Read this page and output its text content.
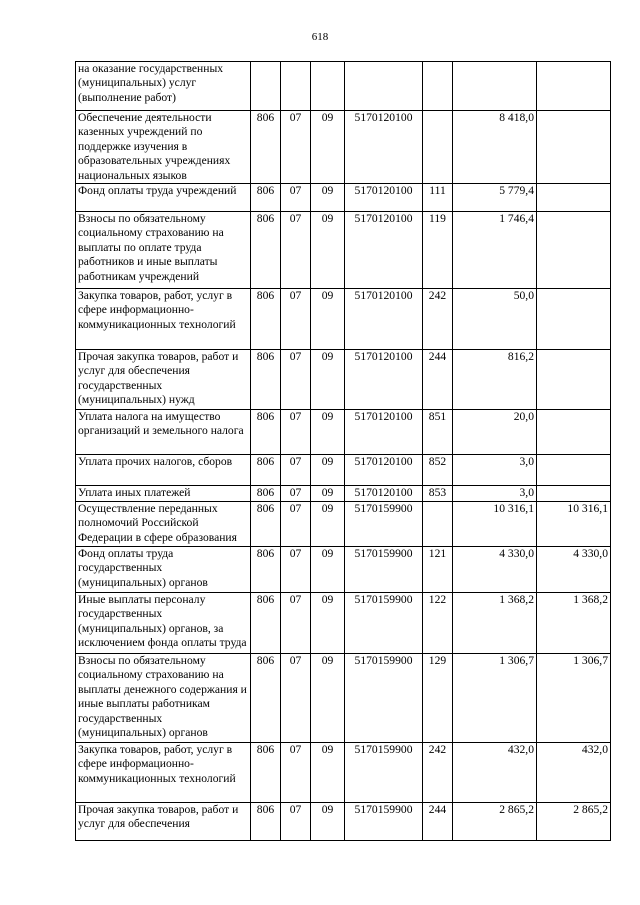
618
на оказание государственных (муниципальных) услуг (выполнение работ)							
Обеспечение деятельности казенных учреждений по поддержке изучения в образовательных учреждениях национальных языков	806	07	09	5170120100		8 418,0	
Фонд оплаты труда учреждений	806	07	09	5170120100	111	5 779,4	
Взносы по обязательному социальному страхованию на выплаты по оплате труда работников и иные выплаты работникам учреждений	806	07	09	5170120100	119	1 746,4	
Закупка товаров, работ, услуг в сфере информационно-коммуникационных технологий	806	07	09	5170120100	242	50,0	
Прочая закупка товаров, работ и услуг для обеспечения государственных (муниципальных) нужд	806	07	09	5170120100	244	816,2	
Уплата налога на имущество организаций и земельного налога	806	07	09	5170120100	851	20,0	
Уплата прочих налогов, сборов	806	07	09	5170120100	852	3,0	
Уплата иных платежей	806	07	09	5170120100	853	3,0	
Осуществление переданных полномочий Российской Федерации в сфере образования	806	07	09	5170159900		10 316,1	10 316,1
Фонд оплаты труда государственных (муниципальных) органов	806	07	09	5170159900	121	4 330,0	4 330,0
Иные выплаты персоналу государственных (муниципальных) органов, за исключением фонда оплаты труда	806	07	09	5170159900	122	1 368,2	1 368,2
Взносы по обязательному социальному страхованию на выплаты денежного содержания и иные выплаты работникам государственных (муниципальных) органов	806	07	09	5170159900	129	1 306,7	1 306,7
Закупка товаров, работ, услуг в сфере информационно-коммуникационных технологий	806	07	09	5170159900	242	432,0	432,0
Прочая закупка товаров, работ и услуг для обеспечения	806	07	09	5170159900	244	2 865,2	2 865,2
